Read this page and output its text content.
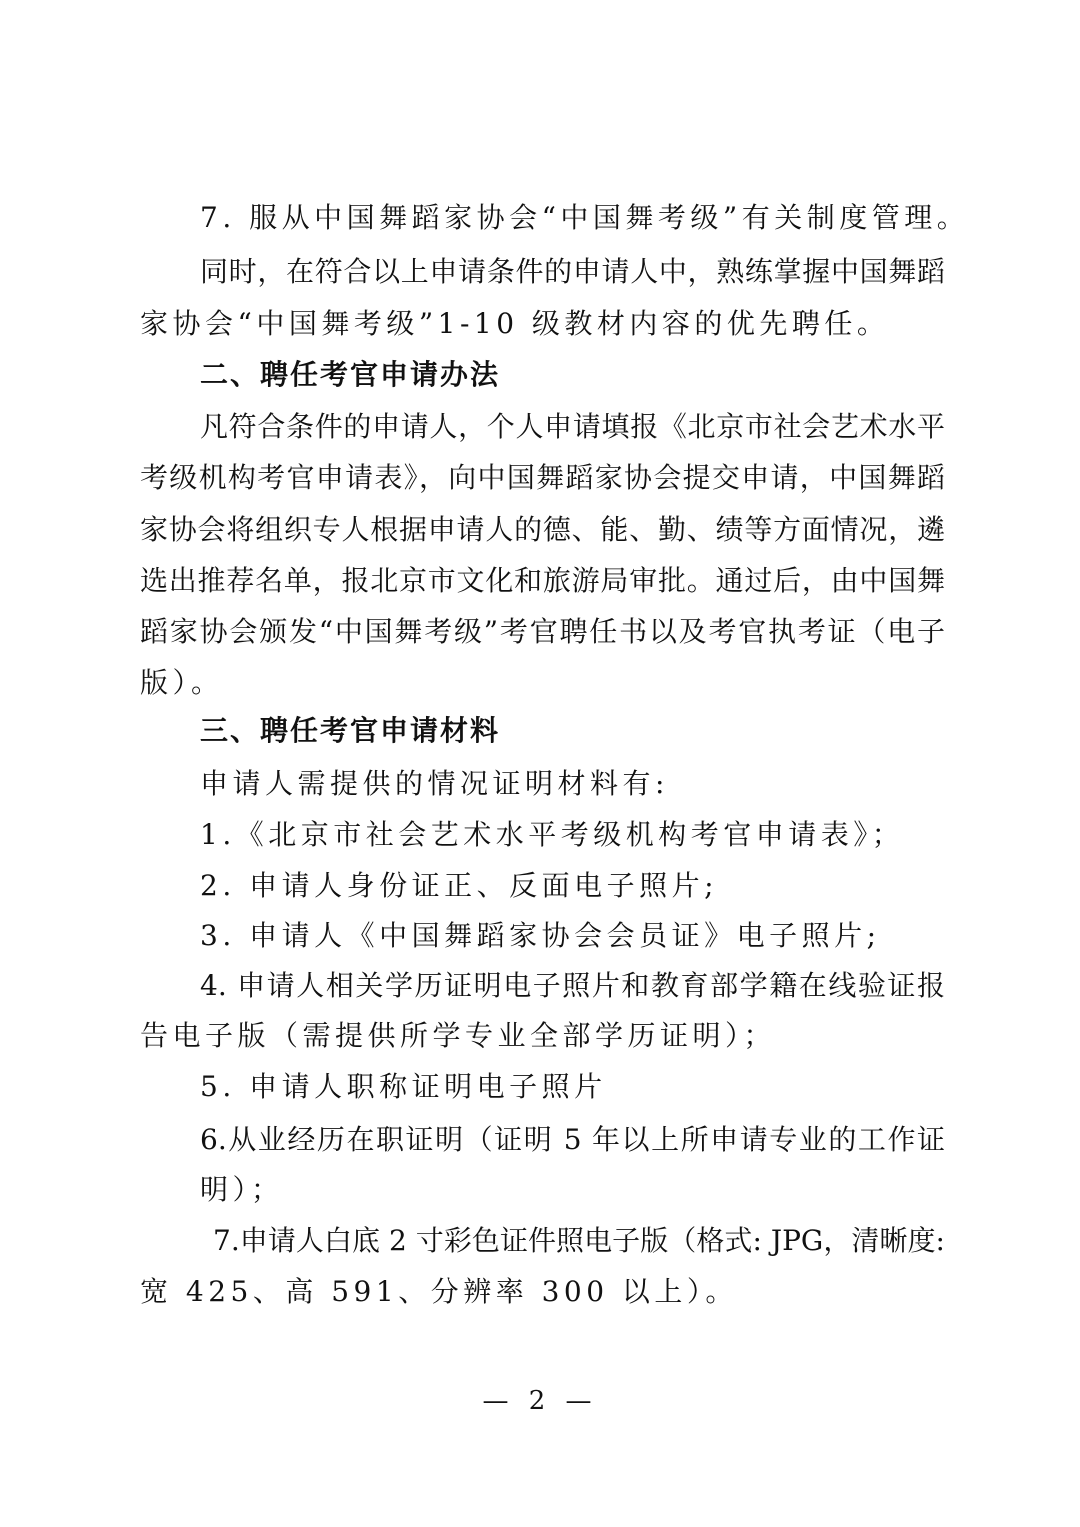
7. 服从中国舞蹈家协会“中国舞考级”有关制度管理。
同时，在符合以上申请条件的申请人中，熟练掌握中国舞蹈
家协会“中国舞考级”1-10 级教材内容的优先聘任。
二、聘任考官申请办法
凡符合条件的申请人，个人申请填报《北京市社会艺术水平
考级机构考官申请表》，向中国舞蹈家协会提交申请，中国舞蹈
家协会将组织专人根据申请人的德、能、勤、绩等方面情况，遴
选出推荐名单，报北京市文化和旅游局审批。通过后，由中国舞
蹈家协会颁发“中国舞考级”考官聘任书以及考官执考证（电子
版）。
三、聘任考官申请材料
申请人需提供的情况证明材料有:
1.《北京市社会艺术水平考级机构考官申请表》；
2. 申请人身份证正、反面电子照片;
3. 申请人《中国舞蹈家协会会员证》电子照片;
4. 申请人相关学历证明电子照片和教育部学籍在线验证报
告电子版（需提供所学专业全部学历证明）；
5. 申请人职称证明电子照片
6.从业经历在职证明（证明 5 年以上所申请专业的工作证
明）；
7.申请人白底 2 寸彩色证件照电子版（格式: JPG，清晰度:
宽 425、高 591、分辨率 300 以上）。
— 2 —
